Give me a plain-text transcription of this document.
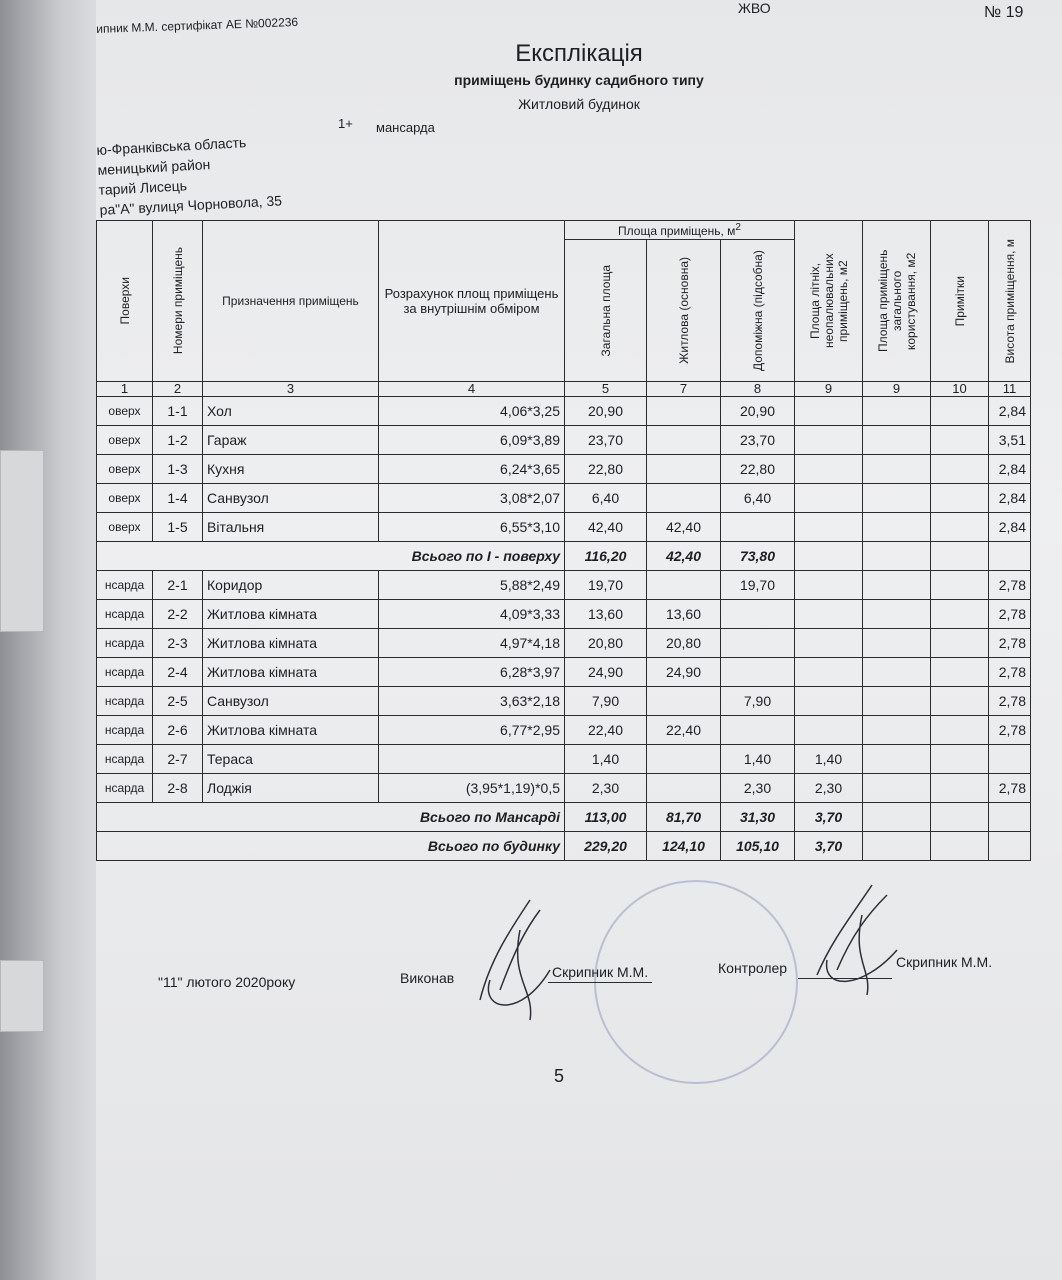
ипник М.М. сертифікат АЕ №002236
ЖВО	№ 19
Експлікація
приміщень будинку садибного типу
Житловий будинок
1+ мансарда
ю-Франківська область
меницький район
тарий Лисець
ра"А" вулиця Чорновола, 35
Поверхи	Номери приміщень	Призначення приміщень	Розрахунок площ приміщень за внутрішнім обміром	Площа приміщень, $м^2$			Площа літніх, неопалювальних приміщень, м2	Площа приміщень загального користування, м2	Примітки	Висота приміщення, м

				Загальна площа	Житлова (основна)	Допоміжна (підсобна)				

1	2	3	4	5	7	8	9	9	10	11
оверх	1-1	Хол	4,06*3,25	20,90		20,90				2,84
оверх	1-2	Гараж	6,09*3,89	23,70		23,70				3,51
оверх	1-3	Кухня	6,24*3,65	22,80		22,80				2,84
оверх	1-4	Санвузол	3,08*2,07	6,40		6,40				2,84
оверх	1-5	Вітальня	6,55*3,10	42,40	42,40					2,84
Всього по І - поверху				116,20	42,40	73,80				
нсарда	2-1	Коридор	5,88*2,49	19,70		19,70				2,78
нсарда	2-2	Житлова кімната	4,09*3,33	13,60	13,60					2,78
нсарда	2-3	Житлова кімната	4,97*4,18	20,80	20,80					2,78
нсарда	2-4	Житлова кімната	6,28*3,97	24,90	24,90					2,78
нсарда	2-5	Санвузол	3,63*2,18	7,90		7,90				2,78
нсарда	2-6	Житлова кімната	6,77*2,95	22,40	22,40					2,78
нсарда	2-7	Тераса		1,40		1,40	1,40			
нсарда	2-8	Лоджія	(3,95*1,19)*0,5	2,30		2,30	2,30			2,78
Всього по Мансарді				113,00	81,70	31,30	3,70			
Всього по будинку				229,20	124,10	105,10	3,70			
"11" лютого 2020року	Виконав	Скрипник М.М.	Контролер	Скрипник М.М.
5
